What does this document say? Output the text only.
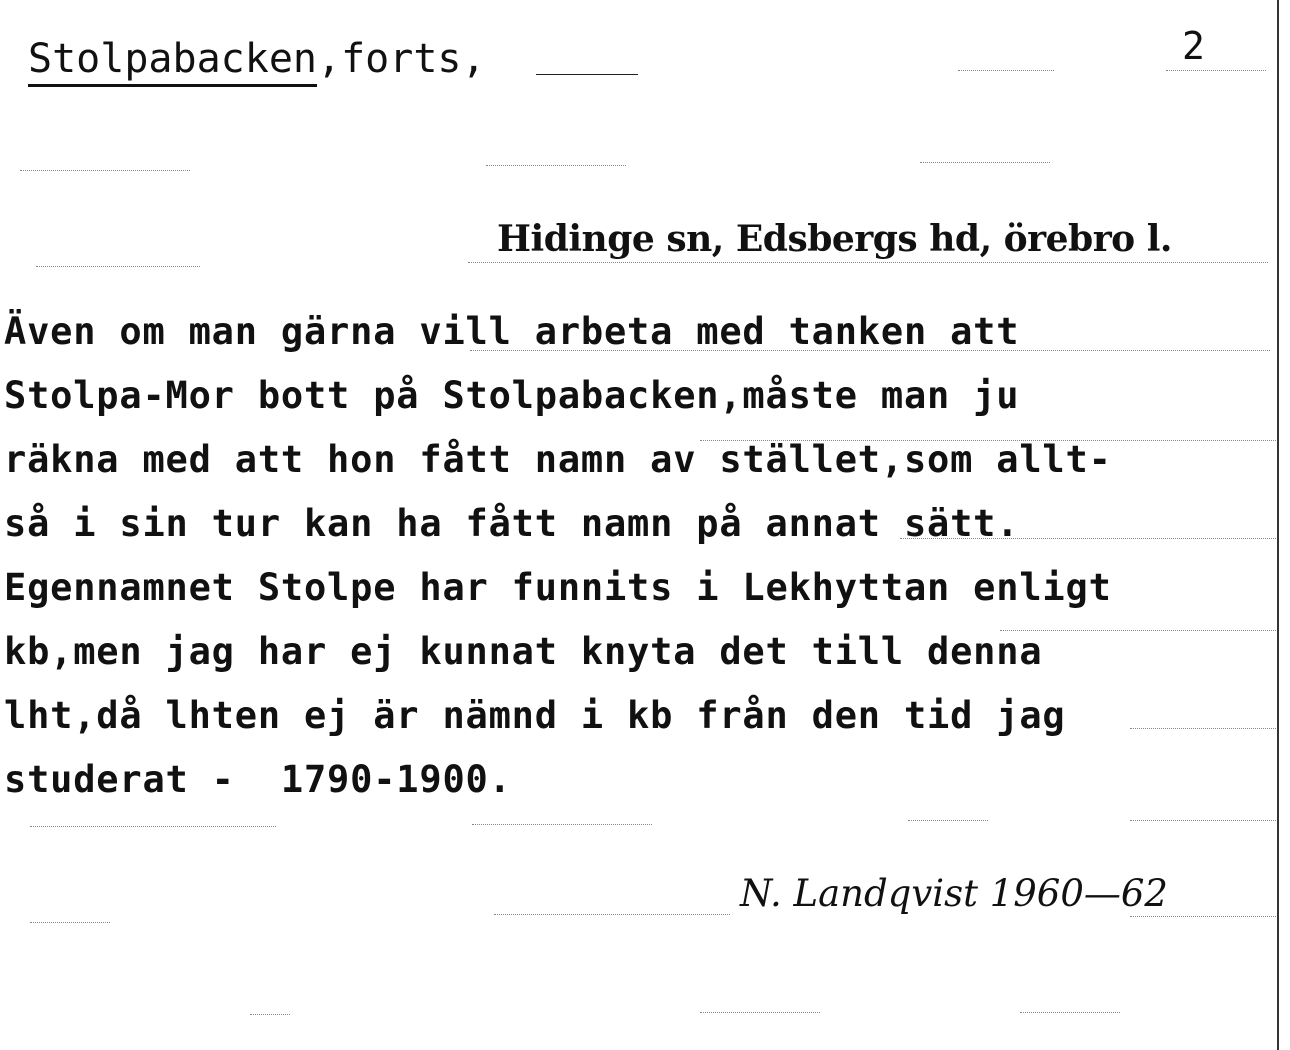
Stolpabacken,forts,	2
Hidinge sn, Edsbergs hd, örebro l.
Även om man gärna vill arbeta med tanken att
Stolpa-Mor bott på Stolpabacken,måste man ju
räkna med att hon fått namn av stället,som allt-
så i sin tur kan ha fått namn på annat sätt.
Egennamnet Stolpe har funnits i Lekhyttan enligt
kb,men jag har ej kunnat knyta det till denna
lht,då lhten ej är nämnd i kb från den tid jag
studerat -  1790-1900.
N. Landqvist 1960—62
